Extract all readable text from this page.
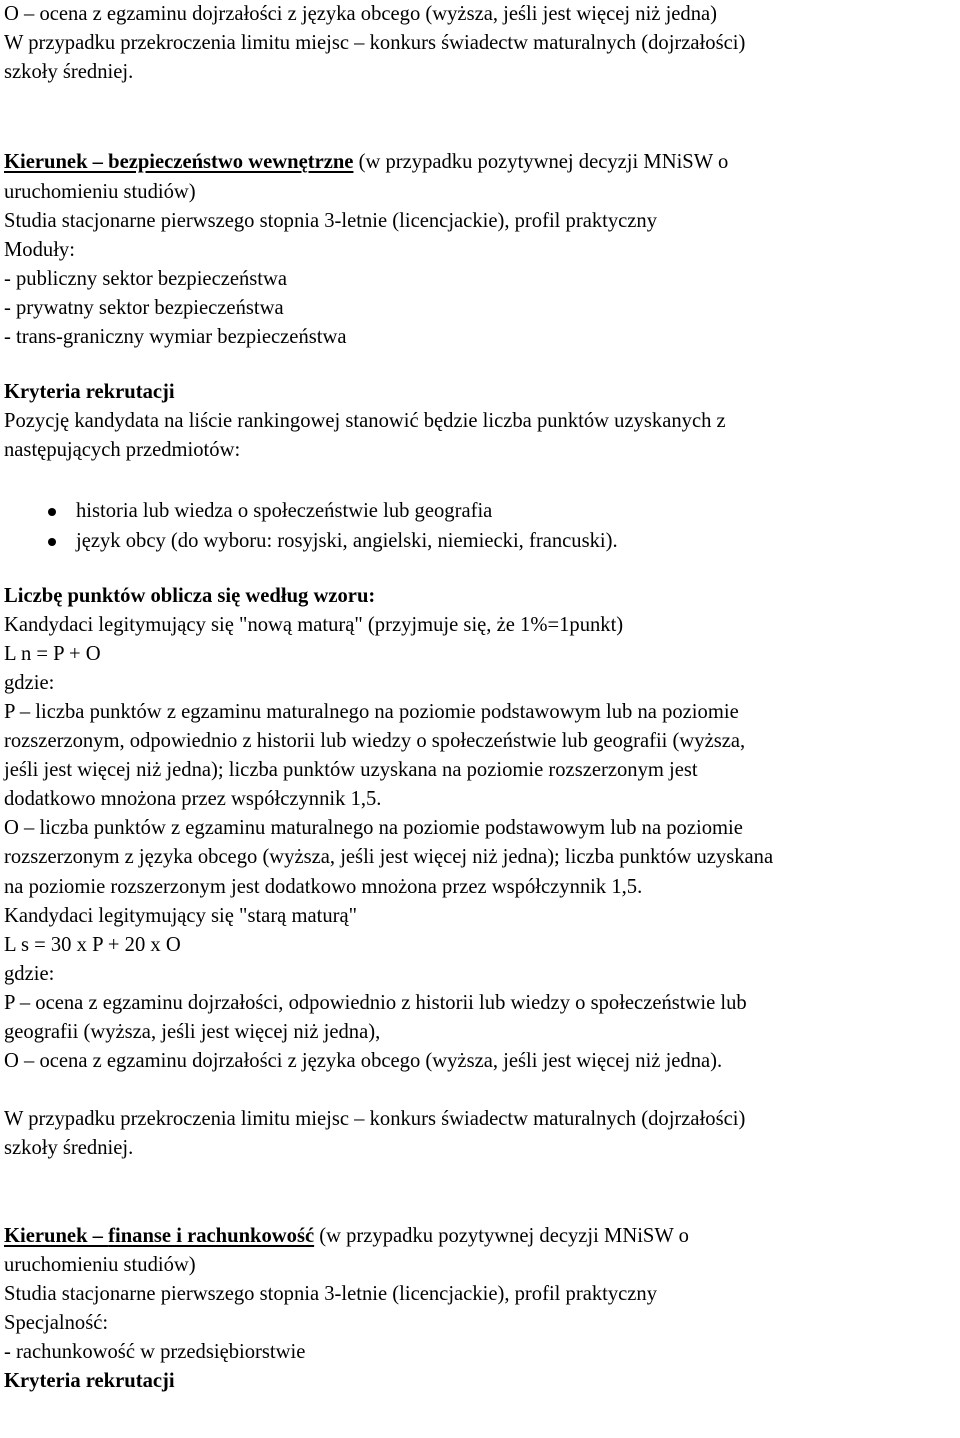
O – ocena z egzaminu dojrzałości z języka obcego (wyższa, jeśli jest więcej niż jedna)
W przypadku przekroczenia limitu miejsc – konkurs świadectw maturalnych (dojrzałości)
szkoły średniej.
Kierunek – bezpieczeństwo wewnętrzne (w przypadku pozytywnej decyzji MNiSW o
uruchomieniu studiów)
Studia stacjonarne pierwszego stopnia 3-letnie (licencjackie), profil praktyczny
Moduły:
- publiczny sektor bezpieczeństwa
- prywatny sektor bezpieczeństwa
- trans-graniczny wymiar bezpieczeństwa
Kryteria rekrutacji
Pozycję kandydata na liście rankingowej stanowić będzie liczba punktów uzyskanych z
następujących przedmiotów:
historia lub wiedza o społeczeństwie lub geografia
język obcy (do wyboru: rosyjski, angielski, niemiecki, francuski).
Liczbę punktów oblicza się według wzoru:
Kandydaci legitymujący się "nową maturą" (przyjmuje się, że 1%=1punkt)
L n = P + O
gdzie:
P – liczba punktów z egzaminu maturalnego na poziomie podstawowym lub na poziomie
rozszerzonym, odpowiednio z historii lub wiedzy o społeczeństwie lub geografii (wyższa,
jeśli jest więcej niż jedna); liczba punktów uzyskana na poziomie rozszerzonym jest
dodatkowo mnożona przez współczynnik 1,5.
O – liczba punktów z egzaminu maturalnego na poziomie podstawowym lub na poziomie
rozszerzonym z języka obcego (wyższa, jeśli jest więcej niż jedna); liczba punktów uzyskana
na poziomie rozszerzonym jest dodatkowo mnożona przez współczynnik 1,5.
Kandydaci legitymujący się "starą maturą"
L s = 30 x P + 20 x O
gdzie:
P – ocena z egzaminu dojrzałości, odpowiednio z historii lub wiedzy o społeczeństwie lub
geografii (wyższa, jeśli jest więcej niż jedna),
O – ocena z egzaminu dojrzałości z języka obcego (wyższa, jeśli jest więcej niż jedna).
W przypadku przekroczenia limitu miejsc – konkurs świadectw maturalnych (dojrzałości)
szkoły średniej.
Kierunek – finanse i rachunkowość (w przypadku pozytywnej decyzji MNiSW o
uruchomieniu studiów)
Studia stacjonarne pierwszego stopnia 3-letnie (licencjackie), profil praktyczny
Specjalność:
- rachunkowość w przedsiębiorstwie
Kryteria rekrutacji
